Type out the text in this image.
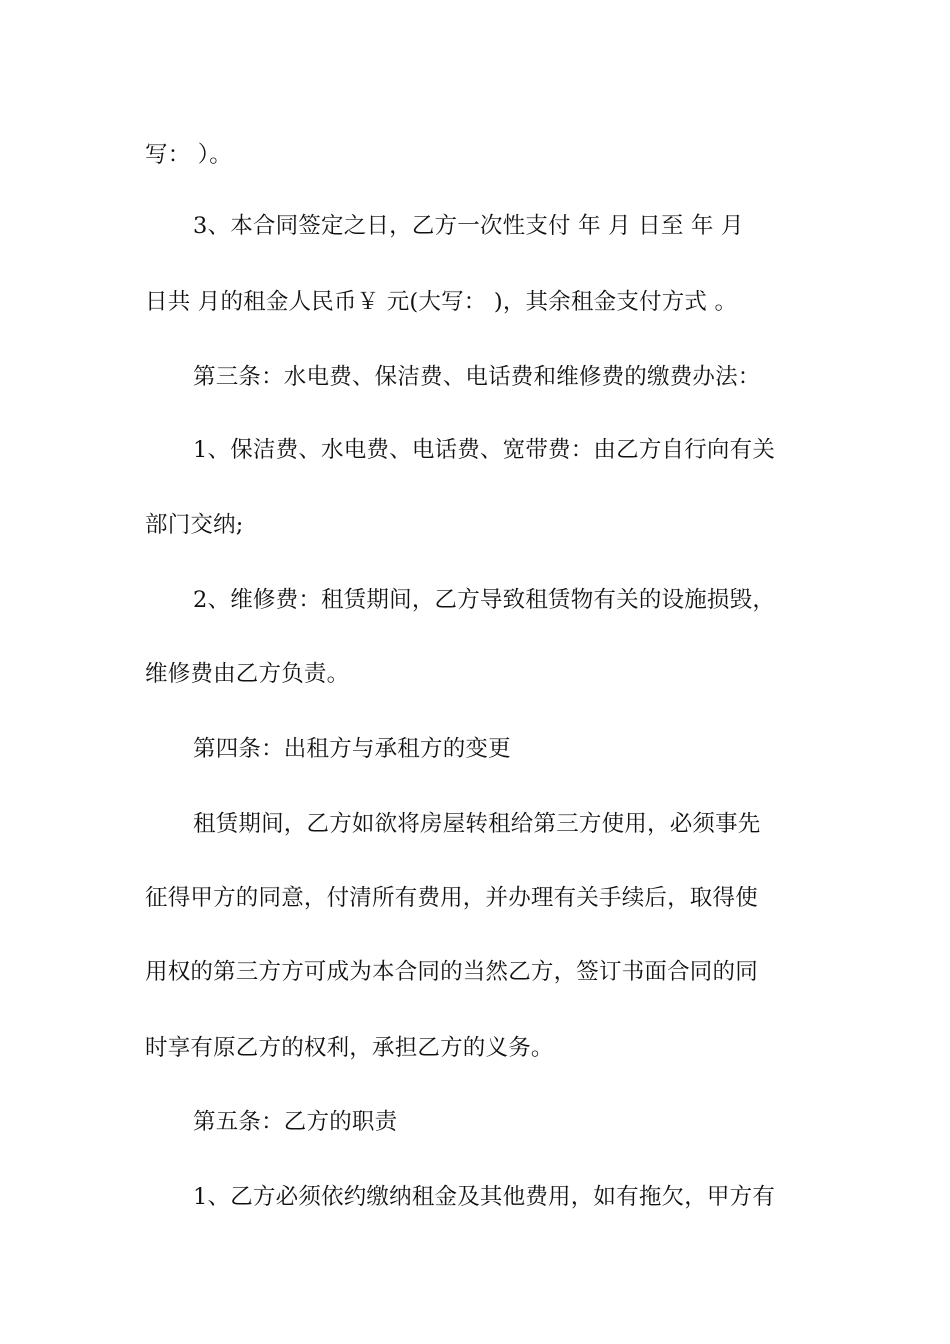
写： ）。
3、本合同签定之日，乙方一次性支付 年 月 日至 年 月
日共 月的租金人民币￥ 元(大写： )，其余租金支付方式 。
第三条：水电费、保洁费、电话费和维修费的缴费办法：
1、保洁费、水电费、电话费、宽带费：由乙方自行向有关
部门交纳;
2、维修费：租赁期间，乙方导致租赁物有关的设施损毁，
维修费由乙方负责。
第四条：出租方与承租方的变更
租赁期间，乙方如欲将房屋转租给第三方使用，必须事先
征得甲方的同意，付清所有费用，并办理有关手续后，取得使
用权的第三方方可成为本合同的当然乙方，签订书面合同的同
时享有原乙方的权利，承担乙方的义务。
第五条：乙方的职责
1、乙方必须依约缴纳租金及其他费用，如有拖欠，甲方有
